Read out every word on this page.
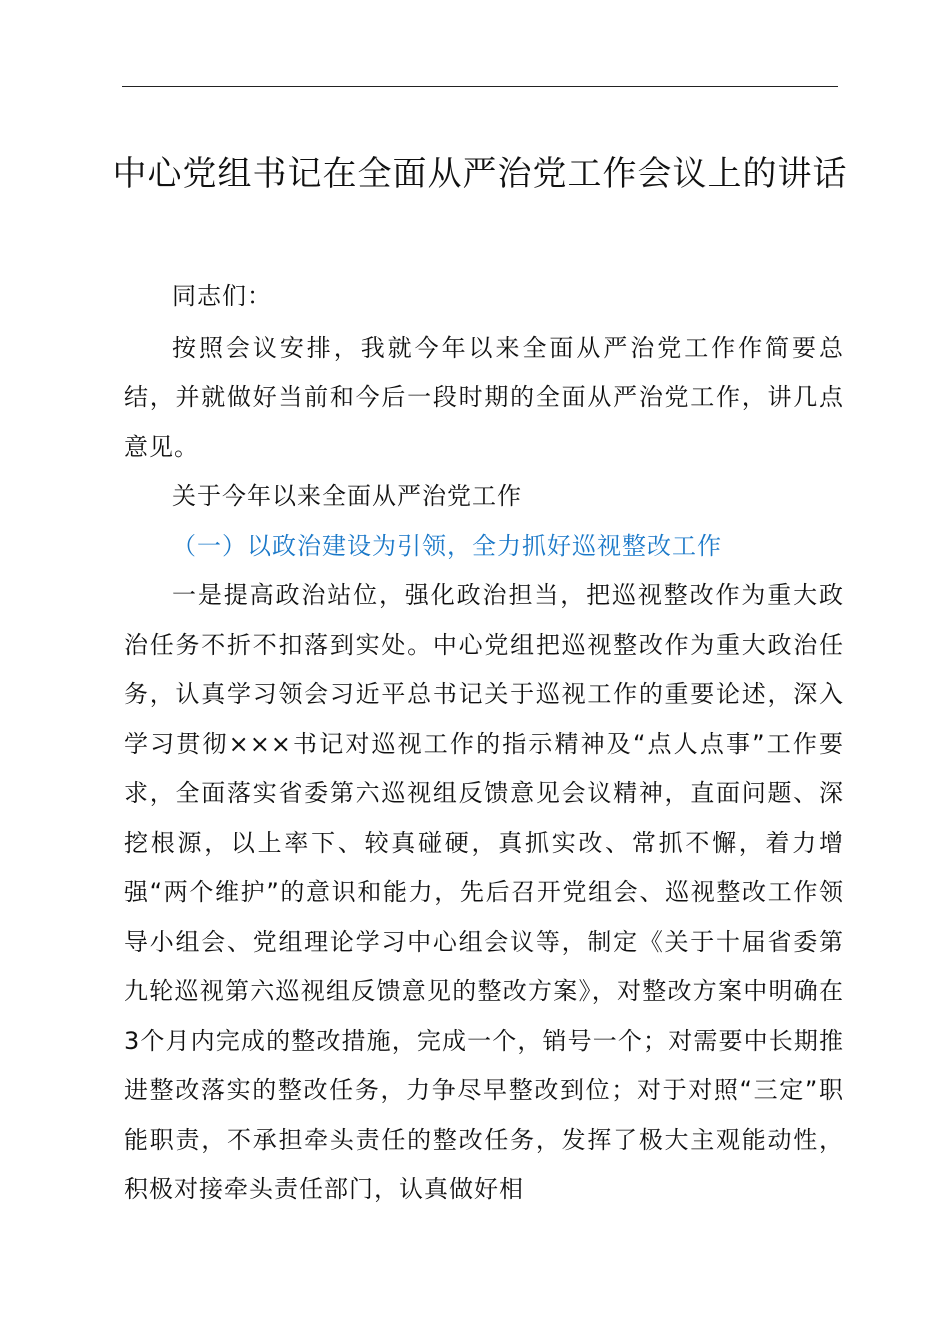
中心党组书记在全面从严治党工作会议上的讲话

同志们：

按照会议安排，我就今年以来全面从严治党工作作简要总结，并就做好当前和今后一段时期的全面从严治党工作，讲几点意见。

关于今年以来全面从严治党工作

（一）以政治建设为引领，全力抓好巡视整改工作

一是提高政治站位，强化政治担当，把巡视整改作为重大政治任务不折不扣落到实处。中心党组把巡视整改作为重大政治任务，认真学习领会习近平总书记关于巡视工作的重要论述，深入学习贯彻×××书记对巡视工作的指示精神及“点人点事”工作要求，全面落实省委第六巡视组反馈意见会议精神，直面问题、深挖根源，以上率下、较真碰硬，真抓实改、常抓不懈，着力增强“两个维护”的意识和能力，先后召开党组会、巡视整改工作领导小组会、党组理论学习中心组会议等，制定《关于十届省委第九轮巡视第六巡视组反馈意见的整改方案》，对整改方案中明确在3个月内完成的整改措施，完成一个，销号一个；对需要中长期推进整改落实的整改任务，力争尽早整改到位；对于对照“三定”职能职责，不承担牵头责任的整改任务，发挥了极大主观能动性，积极对接牵头责任部门，认真做好相
